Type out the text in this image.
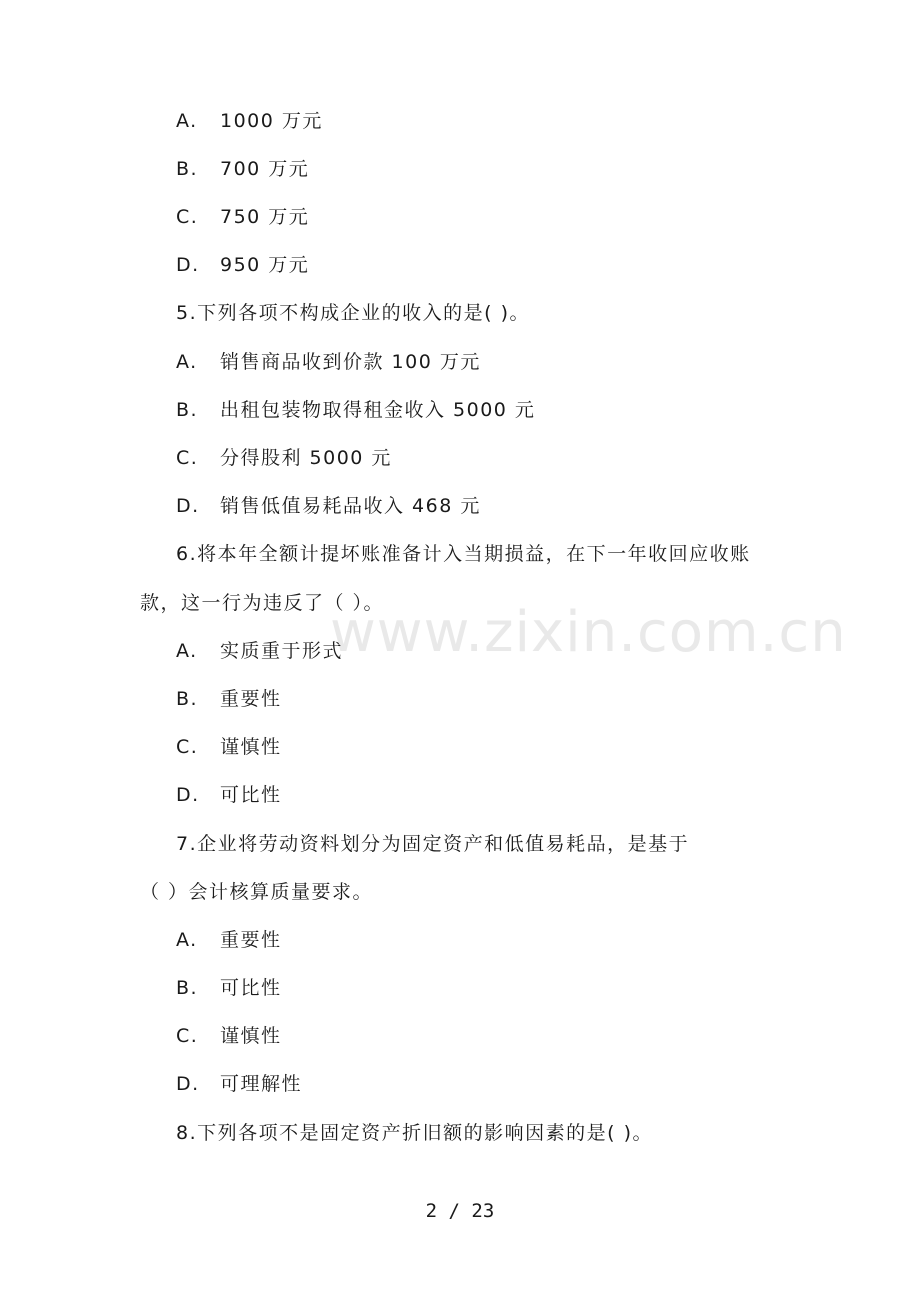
www.zixin.com.cn
A. 1000 万元
B. 700 万元
C. 750 万元
D. 950 万元
5.下列各项不构成企业的收入的是( )。
A. 销售商品收到价款 100 万元
B. 出租包装物取得租金收入 5000 元
C. 分得股利 5000 元
D. 销售低值易耗品收入 468 元
6.将本年全额计提坏账准备计入当期损益，在下一年收回应收账
款，这一行为违反了（ ）。
A. 实质重于形式
B. 重要性
C. 谨慎性
D. 可比性
7.企业将劳动资料划分为固定资产和低值易耗品，是基于
（ ）会计核算质量要求。
A. 重要性
B. 可比性
C. 谨慎性
D. 可理解性
8.下列各项不是固定资产折旧额的影响因素的是( )。
2 / 23
